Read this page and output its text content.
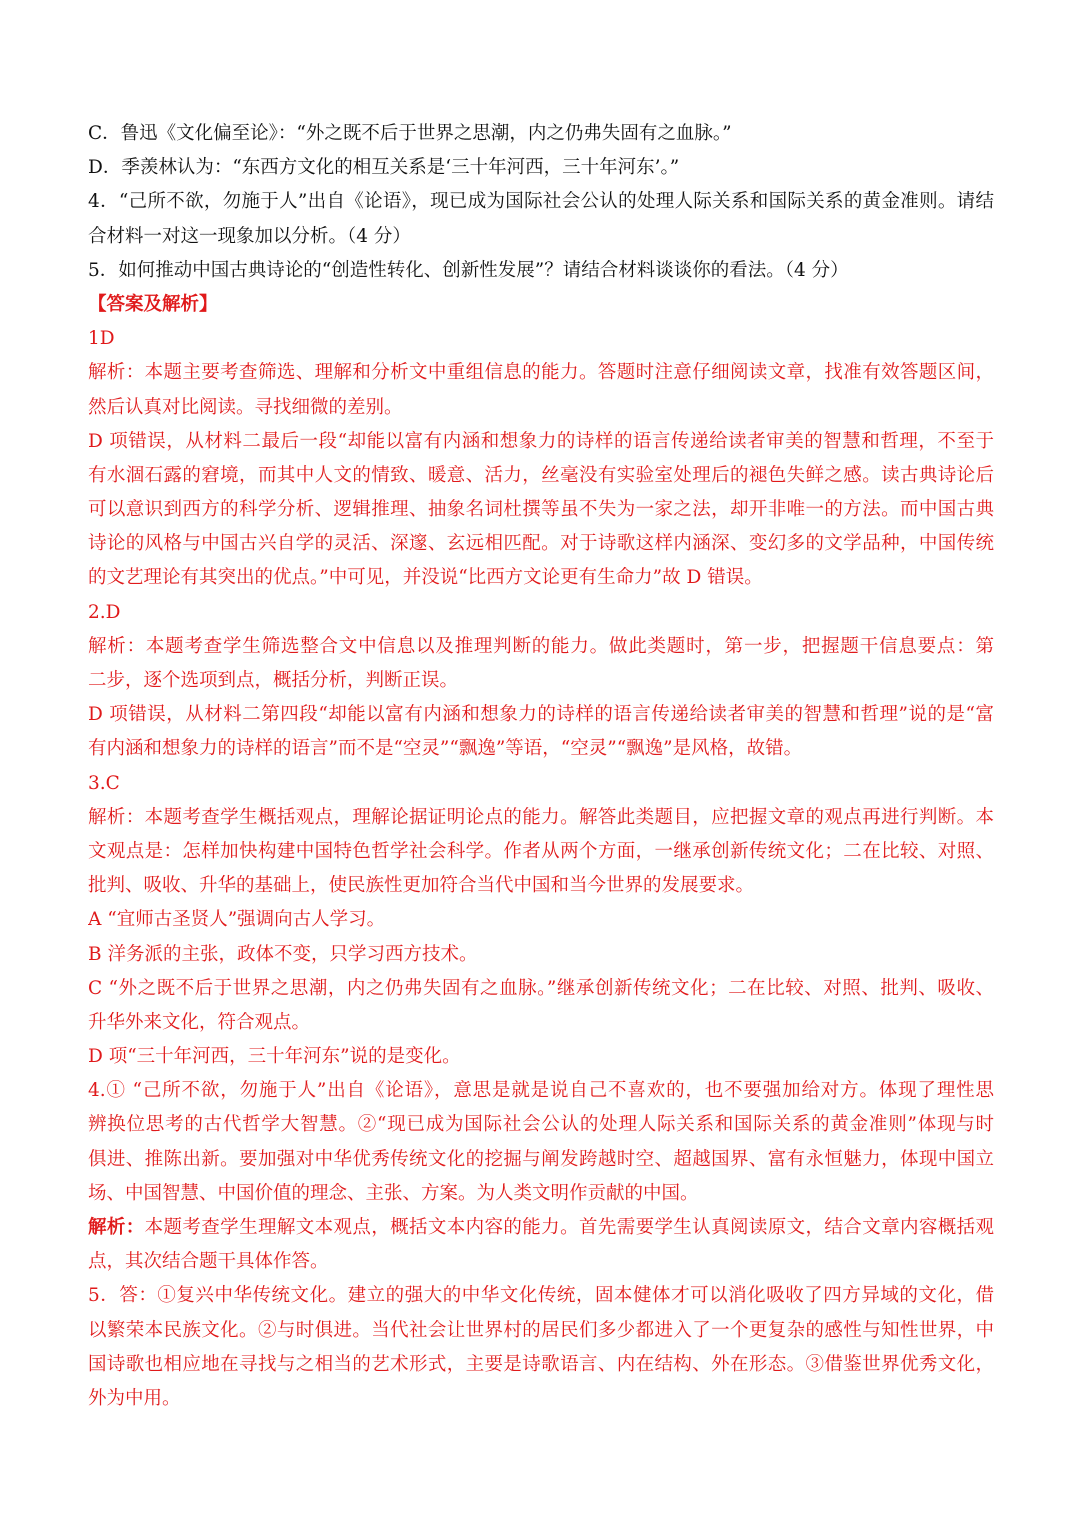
C．鲁迅《文化偏至论》：“外之既不后于世界之思潮，内之仍弗失固有之血脉。”
D．季羡林认为：“东西方文化的相互关系是‘三十年河西，三十年河东’。”
4．“己所不欲，勿施于人”出自《论语》，现已成为国际社会公认的处理人际关系和国际关系的黄金准则。请结
合材料一对这一现象加以分析。（4 分）
5．如何推动中国古典诗论的“创造性转化、创新性发展”？请结合材料谈谈你的看法。（4 分）
【答案及解析】
1D
解析：本题主要考查筛选、理解和分析文中重组信息的能力。答题时注意仔细阅读文章，找准有效答题区间，
然后认真对比阅读。寻找细微的差别。
D 项错误，从材料二最后一段“却能以富有内涵和想象力的诗样的语言传递给读者审美的智慧和哲理，不至于
有水涸石露的窘境，而其中人文的情致、暖意、活力，丝毫没有实验室处理后的褪色失鲜之感。读古典诗论后
可以意识到西方的科学分析、逻辑推理、抽象名词杜撰等虽不失为一家之法，却开非唯一的方法。而中国古典
诗论的风格与中国古兴自学的灵活、深邃、玄远相匹配。对于诗歌这样内涵深、变幻多的文学品种，中国传统
的文艺理论有其突出的优点。”中可见，并没说“比西方文论更有生命力”故 D 错误。
2.D
解析：本题考查学生筛选整合文中信息以及推理判断的能力。做此类题时，第一步，把握题干信息要点：第
二步，逐个选项到点，概括分析，判断正误。
D 项错误，从材料二第四段“却能以富有内涵和想象力的诗样的语言传递给读者审美的智慧和哲理”说的是“富
有内涵和想象力的诗样的语言”而不是“空灵”“飘逸”等语，“空灵”“飘逸”是风格，故错。
3.C
解析：本题考查学生概括观点，理解论据证明论点的能力。解答此类题目，应把握文章的观点再进行判断。本
文观点是：怎样加快构建中国特色哲学社会科学。作者从两个方面，一继承创新传统文化；二在比较、对照、
批判、吸收、升华的基础上，使民族性更加符合当代中国和当今世界的发展要求。
A “宜师古圣贤人”强调向古人学习。
B 洋务派的主张，政体不变，只学习西方技术。
C “外之既不后于世界之思潮，内之仍弗失固有之血脉。”继承创新传统文化；二在比较、对照、批判、吸收、
升华外来文化，符合观点。
D 项“三十年河西，三十年河东”说的是变化。
4.① “己所不欲，勿施于人”出自《论语》，意思是就是说自己不喜欢的，也不要强加给对方。体现了理性思
辨换位思考的古代哲学大智慧。②“现已成为国际社会公认的处理人际关系和国际关系的黄金准则”体现与时
俱进、推陈出新。要加强对中华优秀传统文化的挖掘与阐发跨越时空、超越国界、富有永恒魅力，体现中国立
场、中国智慧、中国价值的理念、主张、方案。为人类文明作贡献的中国。
解析：本题考查学生理解文本观点，概括文本内容的能力。首先需要学生认真阅读原文，结合文章内容概括观
点，其次结合题干具体作答。
5．答：①复兴中华传统文化。建立的强大的中华文化传统，固本健体才可以消化吸收了四方异域的文化，借
以繁荣本民族文化。②与时俱进。当代社会让世界村的居民们多少都进入了一个更复杂的感性与知性世界，中
国诗歌也相应地在寻找与之相当的艺术形式，主要是诗歌语言、内在结构、外在形态。③借鉴世界优秀文化，
外为中用。
